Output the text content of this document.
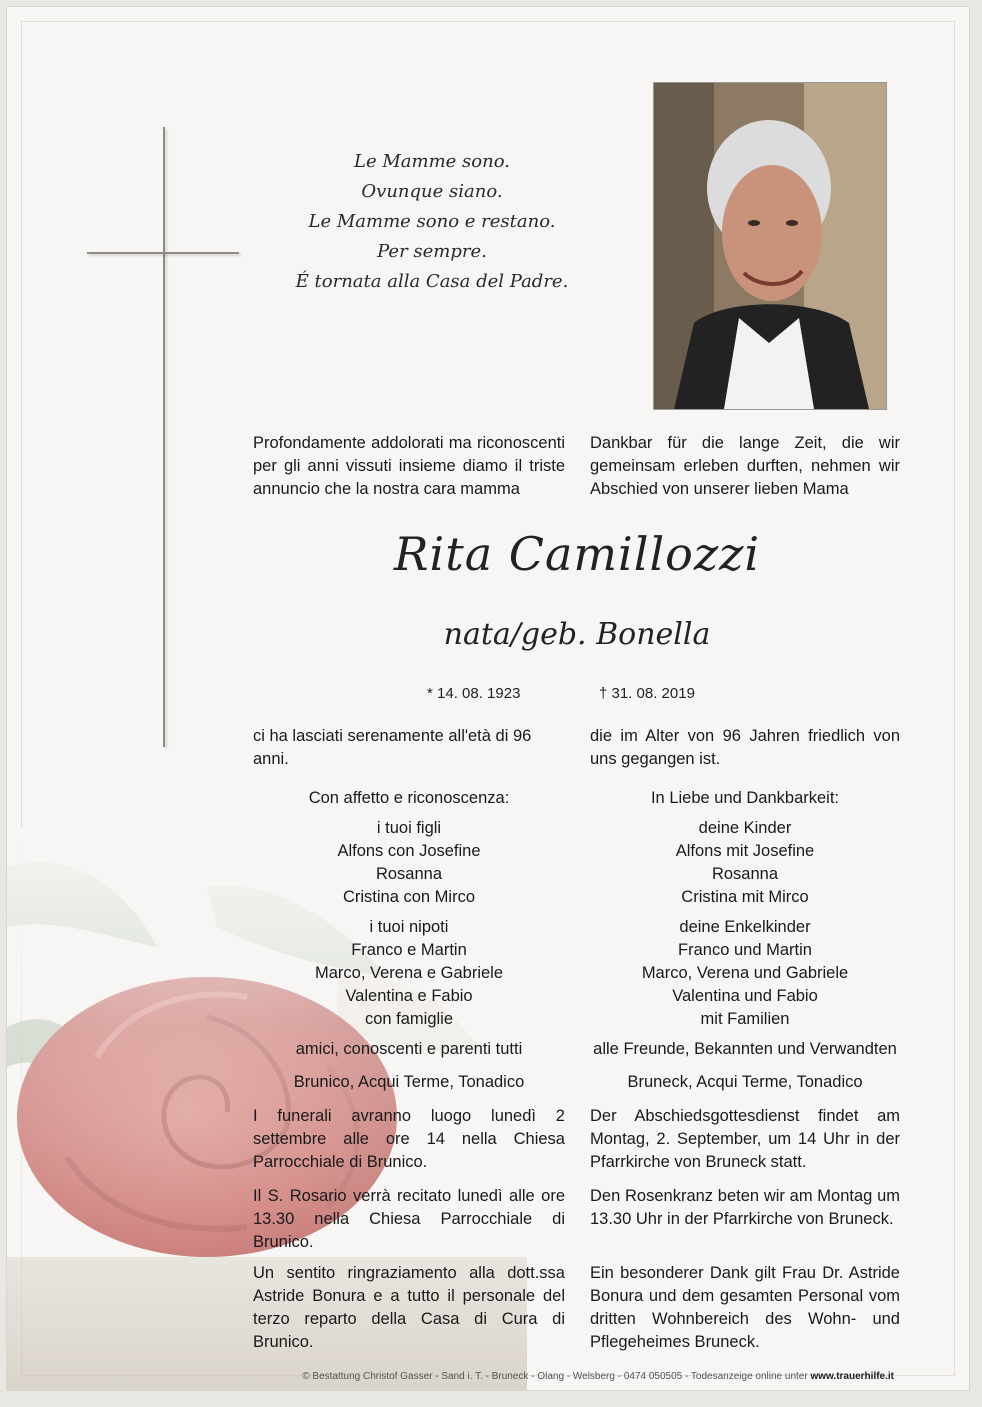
Le Mamme sono.
Ovunque siano.
Le Mamme sono e restano.
Per sempre.
É tornata alla Casa del Padre.
Profondamente addolorati ma riconoscenti per gli anni vissuti insieme diamo il triste annuncio che la nostra cara mamma
Dankbar für die lange Zeit, die wir gemeinsam erleben durften, nehmen wir Abschied von unserer lieben Mama
Rita Camillozzi
nata/geb. Bonella
* 14. 08. 1923	† 31. 08. 2019
ci ha lasciati serenamente all'età di 96 anni.
die im Alter von 96 Jahren friedlich von uns gegangen ist.
Con affetto e riconoscenza:
i tuoi figli
Alfons con Josefine
Rosanna
Cristina con Mirco
i tuoi nipoti
Franco e Martin
Marco, Verena e Gabriele
Valentina e Fabio
con famiglie
amici, conoscenti e parenti tutti
In Liebe und Dankbarkeit:
deine Kinder
Alfons mit Josefine
Rosanna
Cristina mit Mirco
deine Enkelkinder
Franco und Martin
Marco, Verena und Gabriele
Valentina und Fabio
mit Familien
alle Freunde, Bekannten und Verwandten
Brunico, Acqui Terme, Tonadico	Bruneck, Acqui Terme, Tonadico
I funerali avranno luogo lunedì 2 settembre alle ore 14 nella Chiesa Parrocchiale di Brunico.
Der Abschiedsgottesdienst findet am Montag, 2. September, um 14 Uhr in der Pfarrkirche von Bruneck statt.
Il S. Rosario verrà recitato lunedì alle ore 13.30 nella Chiesa Parrocchiale di Brunico.
Den Rosenkranz beten wir am Montag um 13.30 Uhr in der Pfarrkirche von Bruneck.
Un sentito ringraziamento alla dott.ssa Astride Bonura e a tutto il personale del terzo reparto della Casa di Cura di Brunico.
Ein besonderer Dank gilt Frau Dr. Astride Bonura und dem gesamten Personal vom dritten Wohnbereich des Wohn- und Pflegeheimes Bruneck.
© Bestattung Christof Gasser - Sand i. T. - Bruneck - Olang - Welsberg - 0474 050505 - Todesanzeige online unter www.trauerhilfe.it
